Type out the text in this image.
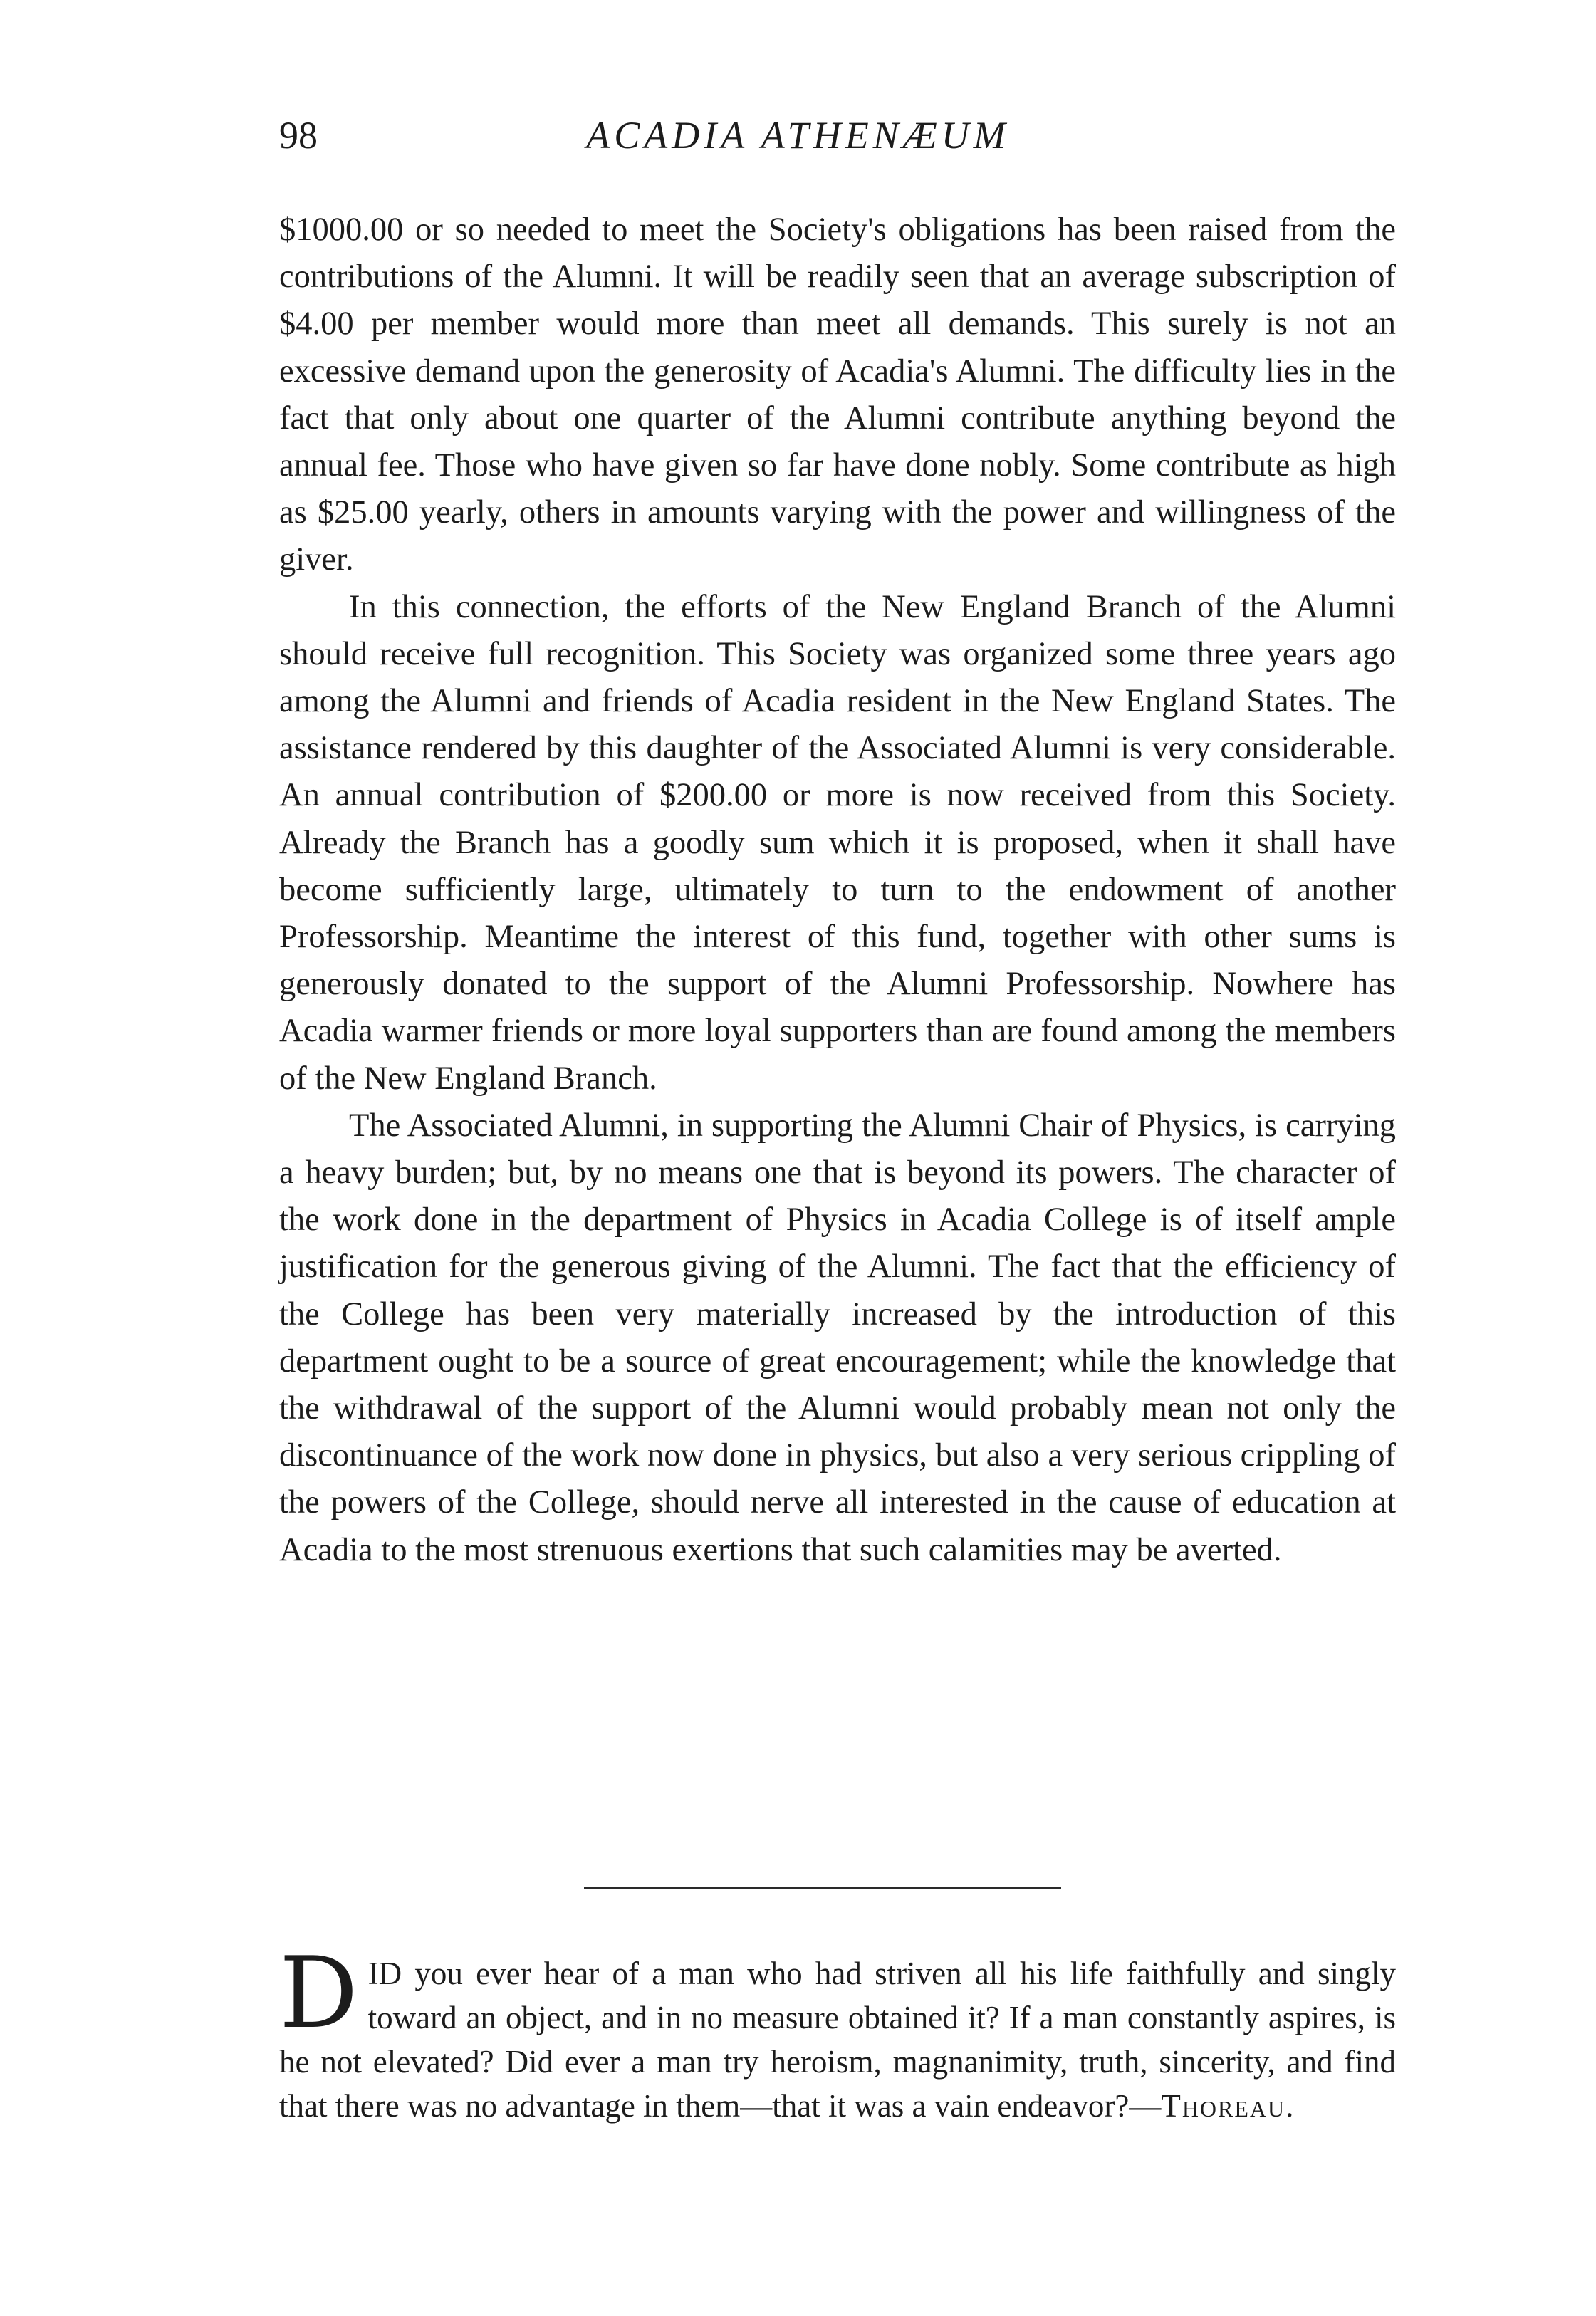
98	ACADIA ATHENÆUM

$1000.00 or so needed to meet the Society's obligations has been raised from the contributions of the Alumni. It will be readily seen that an average subscription of $4.00 per member would more than meet all demands. This surely is not an excessive demand upon the generosity of Acadia's Alumni. The difficulty lies in the fact that only about one quarter of the Alumni contribute anything beyond the annual fee. Those who have given so far have done nobly. Some contribute as high as $25.00 yearly, others in amounts varying with the power and willingness of the giver.

In this connection, the efforts of the New England Branch of the Alumni should receive full recognition. This Society was organized some three years ago among the Alumni and friends of Acadia resident in the New England States. The assistance rendered by this daughter of the Associated Alumni is very considerable. An annual contribution of $200.00 or more is now received from this Society. Already the Branch has a goodly sum which it is proposed, when it shall have become sufficiently large, ultimately to turn to the endowment of another Professorship. Meantime the interest of this fund, together with other sums is generously donated to the support of the Alumni Professorship. Nowhere has Acadia warmer friends or more loyal supporters than are found among the members of the New England Branch.

The Associated Alumni, in supporting the Alumni Chair of Physics, is carrying a heavy burden; but, by no means one that is beyond its powers. The character of the work done in the department of Physics in Acadia College is of itself ample justification for the generous giving of the Alumni. The fact that the efficiency of the College has been very materially increased by the introduction of this department ought to be a source of great encouragement; while the knowledge that the withdrawal of the support of the Alumni would probably mean not only the discontinuance of the work now done in physics, but also a very serious crippling of the powers of the College, should nerve all interested in the cause of education at Acadia to the most strenuous exertions that such calamities may be averted.

DID you ever hear of a man who had striven all his life faithfully and singly toward an object, and in no measure obtained it? If a man constantly aspires, is he not elevated? Did ever a man try heroism, magnanimity, truth, sincerity, and find that there was no advantage in them—that it was a vain endeavor?—Thoreau.
